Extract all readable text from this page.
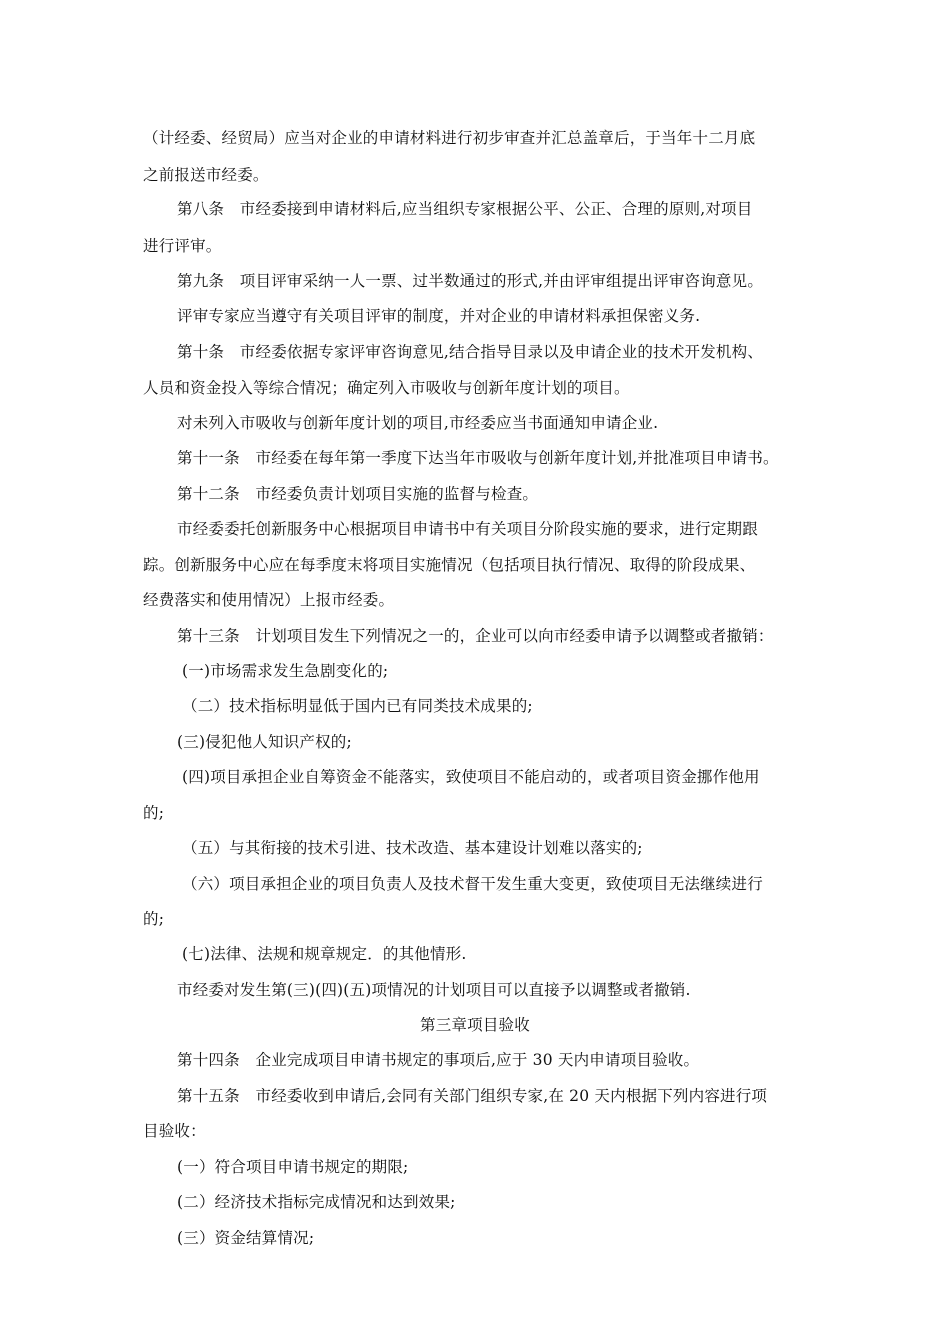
（计经委、经贸局）应当对企业的申请材料进行初步审查并汇总盖章后，于当年十二月底
之前报送市经委。
第八条　市经委接到申请材料后,应当组织专家根据公平、公正、合理的原则,对项目
进行评审。
第九条　项目评审采纳一人一票、过半数通过的形式,并由评审组提出评审咨询意见。
评审专家应当遵守有关项目评审的制度，并对企业的申请材料承担保密义务.
第十条　市经委依据专家评审咨询意见,结合指导目录以及申请企业的技术开发机构、
人员和资金投入等综合情况；确定列入市吸收与创新年度计划的项目。
对未列入市吸收与创新年度计划的项目,市经委应当书面通知申请企业.
第十一条　市经委在每年第一季度下达当年市吸收与创新年度计划,并批准项目申请书。
第十二条　市经委负责计划项目实施的监督与检查。
市经委委托创新服务中心根据项目申请书中有关项目分阶段实施的要求，进行定期跟
踪。创新服务中心应在每季度末将项目实施情况（包括项目执行情况、取得的阶段成果、
经费落实和使用情况）上报市经委。
第十三条　计划项目发生下列情况之一的，企业可以向市经委申请予以调整或者撤销：
(一)市场需求发生急剧变化的;
（二）技术指标明显低于国内已有同类技术成果的;
(三)侵犯他人知识产权的;
(四)项目承担企业自筹资金不能落实，致使项目不能启动的，或者项目资金挪作他用
的;
（五）与其衔接的技术引进、技术改造、基本建设计划难以落实的;
（六）项目承担企业的项目负责人及技术督干发生重大变更，致使项目无法继续进行
的;
(七)法律、法规和规章规定．的其他情形.
市经委对发生第(三)(四)(五)项情况的计划项目可以直接予以调整或者撤销.
第三章项目验收
第十四条　企业完成项目申请书规定的事项后,应于 30 天内申请项目验收。
第十五条　市经委收到申请后,会同有关部门组织专家,在 20 天内根据下列内容进行项
目验收：
(一）符合项目申请书规定的期限;
(二）经济技术指标完成情况和达到效果;
(三）资金结算情况;
